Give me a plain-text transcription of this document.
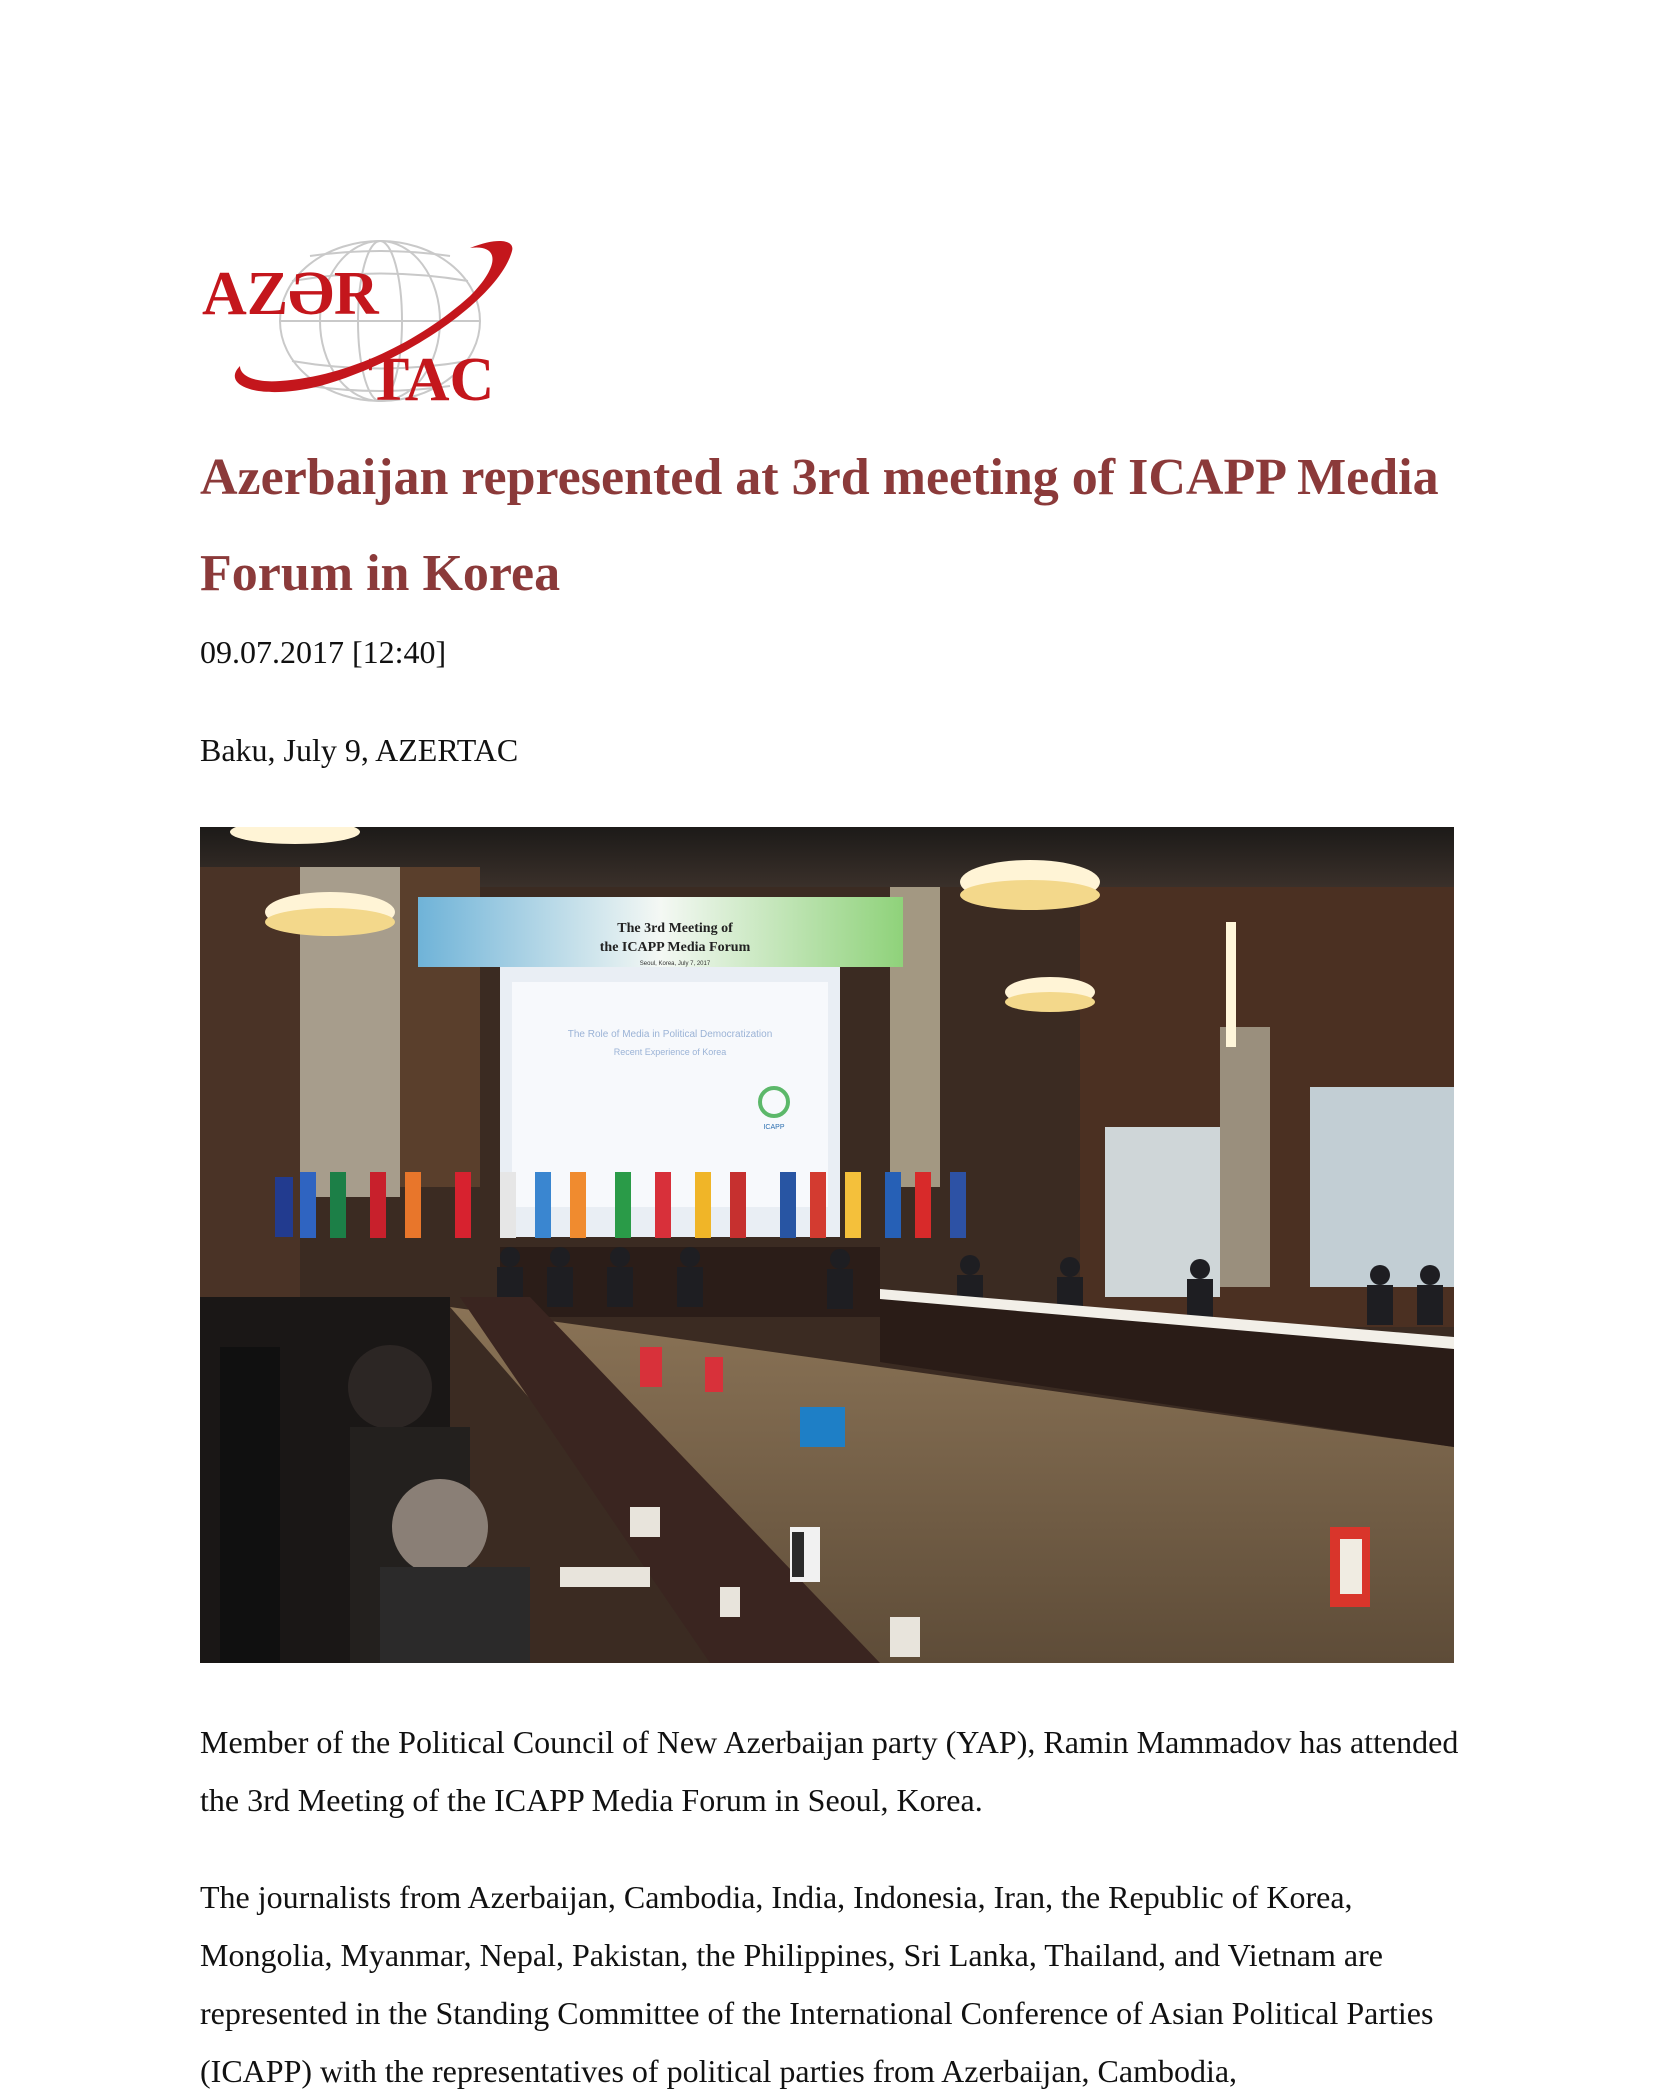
AZƏR
TAC
Azerbaijan represented at 3rd meeting of ICAPP Media Forum in Korea
09.07.2017 [12:40]
Baku, July 9, AZERTAC
The 3rd Meeting of
the ICAPP Media Forum
Seoul, Korea, July 7, 2017
The Role of Media in Political Democratization
Recent Experience of Korea
ICAPP

Member of the Political Council of New Azerbaijan party (YAP), Ramin Mammadov has attended the 3rd Meeting of the ICAPP Media Forum in Seoul, Korea.

The journalists from Azerbaijan, Cambodia, India, Indonesia, Iran, the Republic of Korea, Mongolia, Myanmar, Nepal, Pakistan, the Philippines, Sri Lanka, Thailand, and Vietnam are represented in the Standing Committee of the International Conference of Asian Political Parties (ICAPP) with the representatives of political parties from Azerbaijan, Cambodia,
